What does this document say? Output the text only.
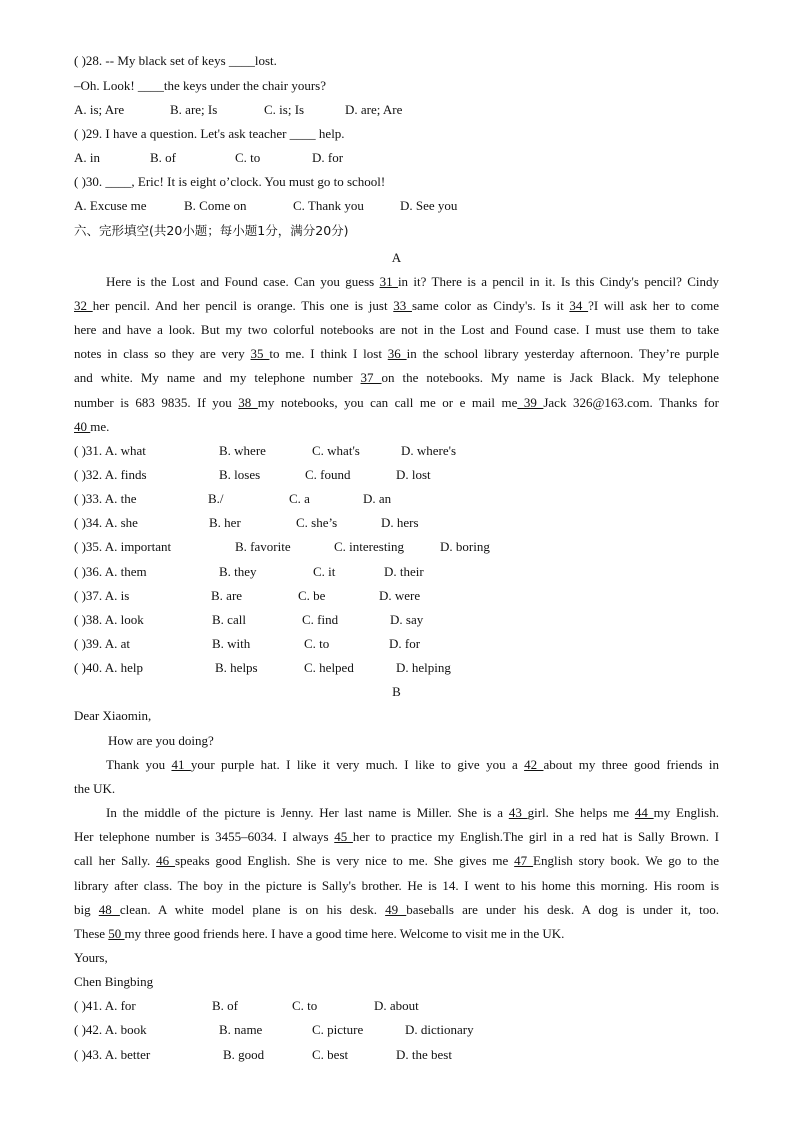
( )28. -- My black set of keys ____lost.
–Oh. Look! ____the keys under the chair yours?
A. is; Are	B. are; Is	C. is; Is	D. are; Are
( )29. I have a question. Let's ask teacher ____ help.
A. in	B. of	C. to	D. for
( )30. ____, Eric! It is eight o’clock. You must go to school!
A. Excuse me	B. Come on	C. Thank you	D. See you
六、完形填空(共20小题；每小题1分，满分20分)
A
Here is the Lost and Found case. Can you guess 31 in it? There is a pencil in it. Is this Cindy's pencil? Cindy
32 her pencil. And her pencil is orange. This one is just 33 same color as Cindy's. Is it 34 ?I will ask her to come
here and have a look. But my two colorful notebooks are not in the Lost and Found case. I must use them to take
notes in class so they are very 35 to me. I think I lost 36 in the school library yesterday afternoon. They’re purple
and white. My name and my telephone number 37 on the notebooks. My name is Jack Black. My telephone
number is 683 9835. If you 38 my notebooks, you can call me or e mail me 39 Jack 326@163.com. Thanks for
40 me.
( )31. A. what	B. where	C. what's	D. where's
( )32. A. finds	B. loses	C. found	D. lost
( )33. A. the	B./	C. a	D. an
( )34. A. she	B. her	C. she’s	D. hers
( )35. A. important	B. favorite	C. interesting	D. boring
( )36. A. them	B. they	C. it	D. their
( )37. A. is	B. are	C. be	D. were
( )38. A. look	B. call	C. find	D. say
( )39. A. at	B. with	C. to	D. for
( )40. A. help	B. helps	C. helped	D. helping
B
Dear Xiaomin,
How are you doing?
Thank you 41 your purple hat. I like it very much. I like to give you a 42 about my three good friends in
the UK.
In the middle of the picture is Jenny. Her last name is Miller. She is a 43 girl. She helps me 44 my English.
Her telephone number is 3455–6034. I always 45 her to practice my English.The girl in a red hat is Sally Brown. I
call her Sally. 46 speaks good English. She is very nice to me. She gives me 47 English story book. We go to the
library after class. The boy in the picture is Sally's brother. He is 14. I went to his home this morning. His room is
big 48 clean. A white model plane is on his desk. 49 baseballs are under his desk. A dog is under it, too.
These 50 my three good friends here. I have a good time here. Welcome to visit me in the UK.
Yours,
Chen Bingbing
( )41. A. for	B. of	C. to	D. about
( )42. A. book	B. name	C. picture	D. dictionary
( )43. A. better	B. good	C. best	D. the best
